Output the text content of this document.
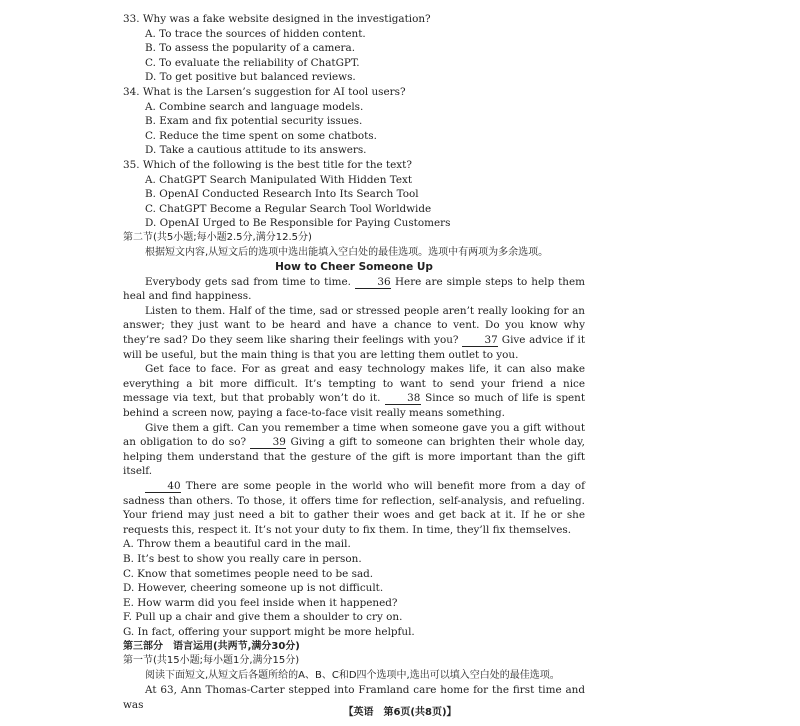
33. Why was a fake website designed in the investigation?
A. To trace the sources of hidden content.
B. To assess the popularity of a camera.
C. To evaluate the reliability of ChatGPT.
D. To get positive but balanced reviews.
34. What is the Larsen’s suggestion for AI tool users?
A. Combine search and language models.
B. Exam and fix potential security issues.
C. Reduce the time spent on some chatbots.
D. Take a cautious attitude to its answers.
35. Which of the following is the best title for the text?
A. ChatGPT Search Manipulated With Hidden Text
B. OpenAI Conducted Research Into Its Search Tool
C. ChatGPT Become a Regular Search Tool Worldwide
D. OpenAI Urged to Be Responsible for Paying Customers
第二节(共5小题;每小题2.5分,满分12.5分)
根据短文内容,从短文后的选项中选出能填入空白处的最佳选项。选项中有两项为多余选项。
How to Cheer Someone Up
Everybody gets sad from time to time.	36 Here are simple steps to help them heal and find happiness.
Listen to them. Half of the time, sad or stressed people aren’t really looking for an answer; they just want to be heard and have a chance to vent. Do you know why they’re sad? Do they seem like sharing their feelings with you?	37 Give advice if it will be useful, but the main thing is that you are letting them outlet to you.
Get face to face. For as great and easy technology makes life, it can also make everything a bit more difficult. It’s tempting to want to send your friend a nice message via text, but that probably won’t do it.	38 Since so much of life is spent behind a screen now, paying a face-to-face visit really means something.
Give them a gift. Can you remember a time when someone gave you a gift without an obligation to do so?	39 Giving a gift to someone can brighten their whole day, helping them understand that the gesture of the gift is more important than the gift itself.
40 There are some people in the world who will benefit more from a day of sadness than others. To those, it offers time for reflection, self-analysis, and refueling. Your friend may just need a bit to gather their woes and get back at it. If he or she requests this, respect it. It’s not your duty to fix them. In time, they’ll fix themselves.
A. Throw them a beautiful card in the mail.
B. It’s best to show you really care in person.
C. Know that sometimes people need to be sad.
D. However, cheering someone up is not difficult.
E. How warm did you feel inside when it happened?
F. Pull up a chair and give them a shoulder to cry on.
G. In fact, offering your support might be more helpful.
第三部分　语言运用(共两节,满分30分)
第一节(共15小题;每小题1分,满分15分)
阅读下面短文,从短文后各题所给的A、B、C和D四个选项中,选出可以填入空白处的最佳选项。
At 63, Ann Thomas-Carter stepped into Framland care home for the first time and was
【英语　第6页(共8页)】
